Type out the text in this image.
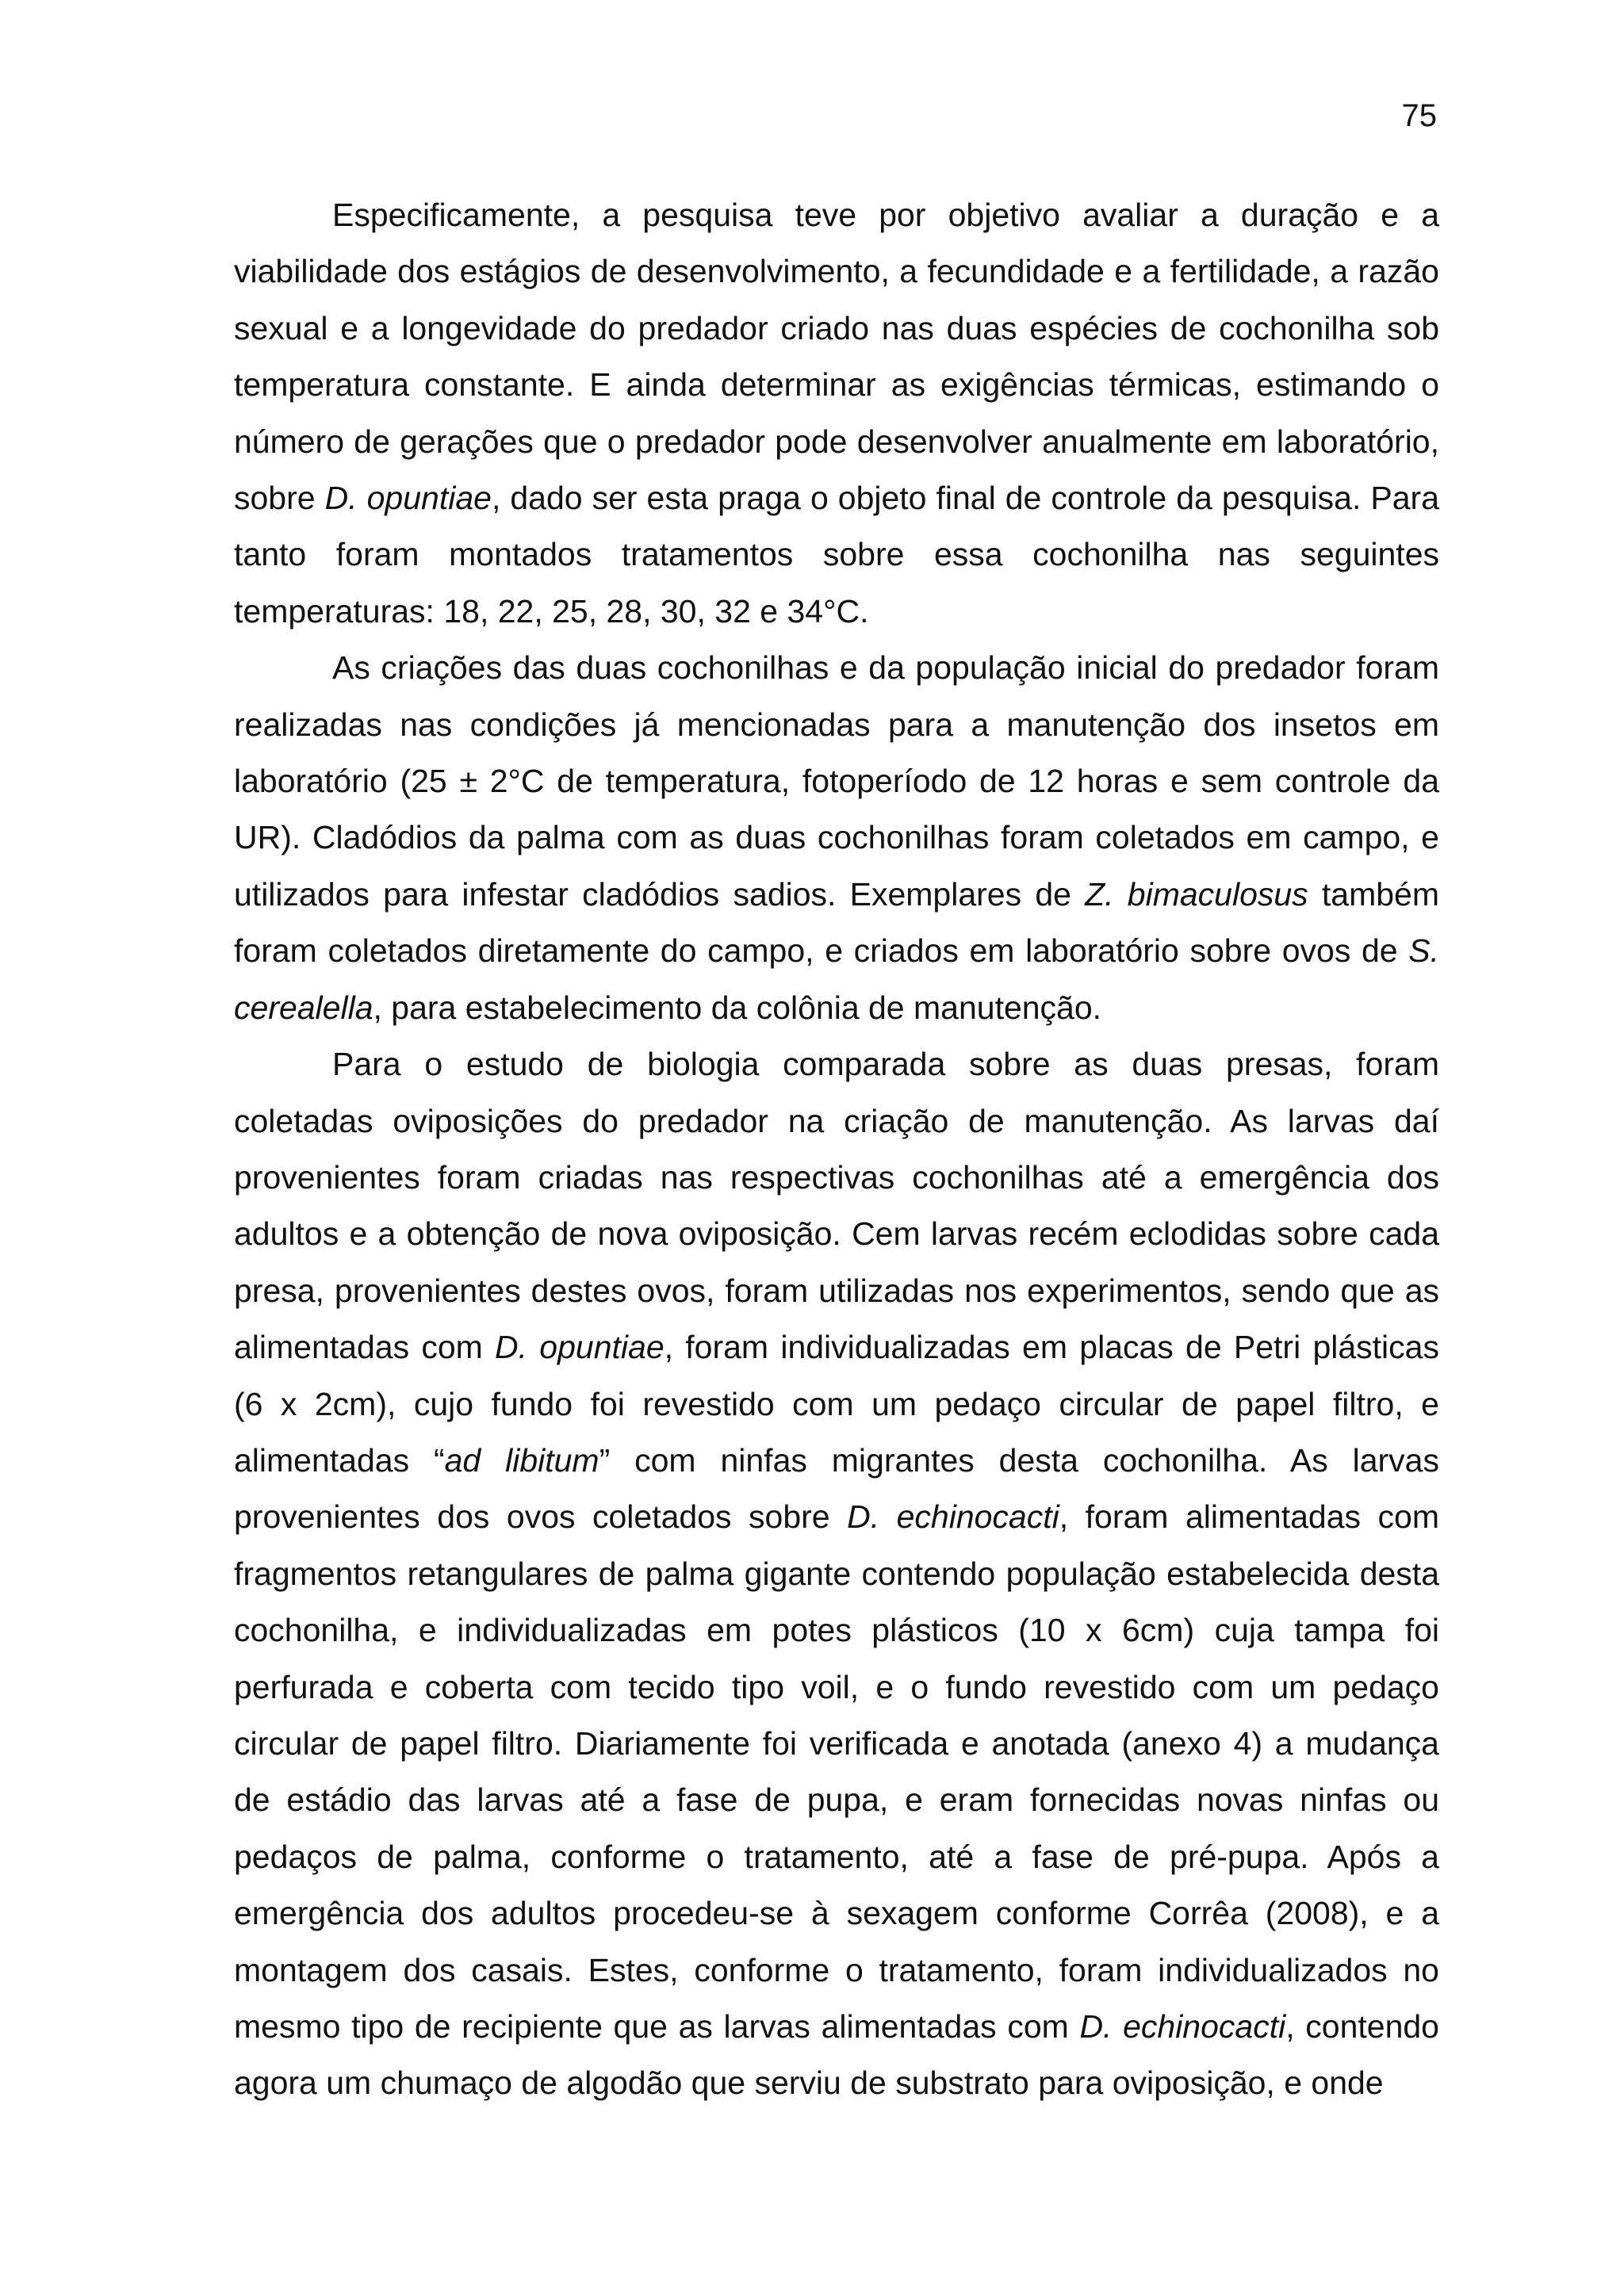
75

Especificamente, a pesquisa teve por objetivo avaliar a duração e a viabilidade dos estágios de desenvolvimento, a fecundidade e a fertilidade, a razão sexual e a longevidade do predador criado nas duas espécies de cochonilha sob temperatura constante. E ainda determinar as exigências térmicas, estimando o número de gerações que o predador pode desenvolver anualmente em laboratório, sobre D. opuntiae, dado ser esta praga o objeto final de controle da pesquisa. Para tanto foram montados tratamentos sobre essa cochonilha nas seguintes temperaturas: 18, 22, 25, 28, 30, 32 e 34°C.

As criações das duas cochonilhas e da população inicial do predador foram realizadas nas condições já mencionadas para a manutenção dos insetos em laboratório (25 ± 2°C de temperatura, fotoperíodo de 12 horas e sem controle da UR). Cladódios da palma com as duas cochonilhas foram coletados em campo, e utilizados para infestar cladódios sadios. Exemplares de Z. bimaculosus também foram coletados diretamente do campo, e criados em laboratório sobre ovos de S. cerealella, para estabelecimento da colônia de manutenção.

Para o estudo de biologia comparada sobre as duas presas, foram coletadas oviposições do predador na criação de manutenção. As larvas daí provenientes foram criadas nas respectivas cochonilhas até a emergência dos adultos e a obtenção de nova oviposição. Cem larvas recém eclodidas sobre cada presa, provenientes destes ovos, foram utilizadas nos experimentos, sendo que as alimentadas com D. opuntiae, foram individualizadas em placas de Petri plásticas (6 x 2cm), cujo fundo foi revestido com um pedaço circular de papel filtro, e alimentadas “ad libitum” com ninfas migrantes desta cochonilha. As larvas provenientes dos ovos coletados sobre D. echinocacti, foram alimentadas com fragmentos retangulares de palma gigante contendo população estabelecida desta cochonilha, e individualizadas em potes plásticos (10 x 6cm) cuja tampa foi perfurada e coberta com tecido tipo voil, e o fundo revestido com um pedaço circular de papel filtro. Diariamente foi verificada e anotada (anexo 4) a mudança de estádio das larvas até a fase de pupa, e eram fornecidas novas ninfas ou pedaços de palma, conforme o tratamento, até a fase de pré-pupa. Após a emergência dos adultos procedeu-se à sexagem conforme Corrêa (2008), e a montagem dos casais. Estes, conforme o tratamento, foram individualizados no mesmo tipo de recipiente que as larvas alimentadas com D. echinocacti, contendo agora um chumaço de algodão que serviu de substrato para oviposição, e onde
